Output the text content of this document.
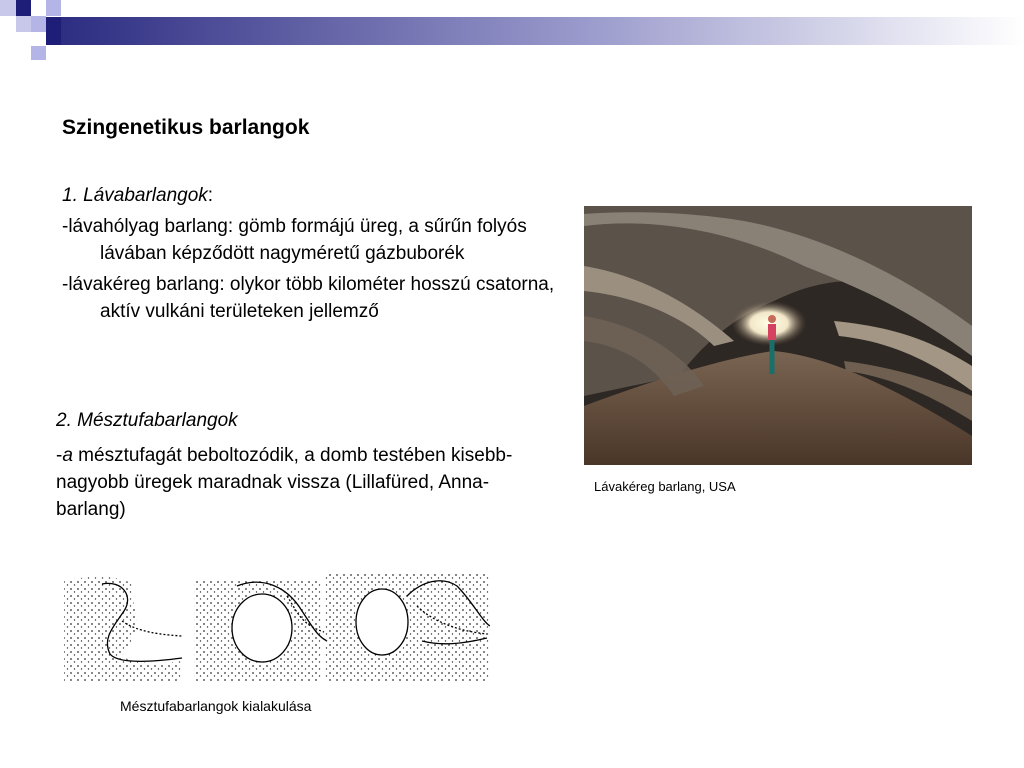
Szingenetikus barlangok
1. Lávabarlangok:
-lávahólyag barlang: gömb formájú üreg, a sűrűn folyós lávában képződött nagyméretű gázbuborék
-lávakéreg barlang: olykor több kilométer hosszú csatorna, aktív vulkáni területeken jellemző
2. Mésztufabarlangok
-a mésztufagát beboltozódik, a domb testében kisebb-nagyobb üregek maradnak vissza (Lillafüred, Anna-barlang)
Lávakéreg barlang, USA
Mésztufabarlangok kialakulása
